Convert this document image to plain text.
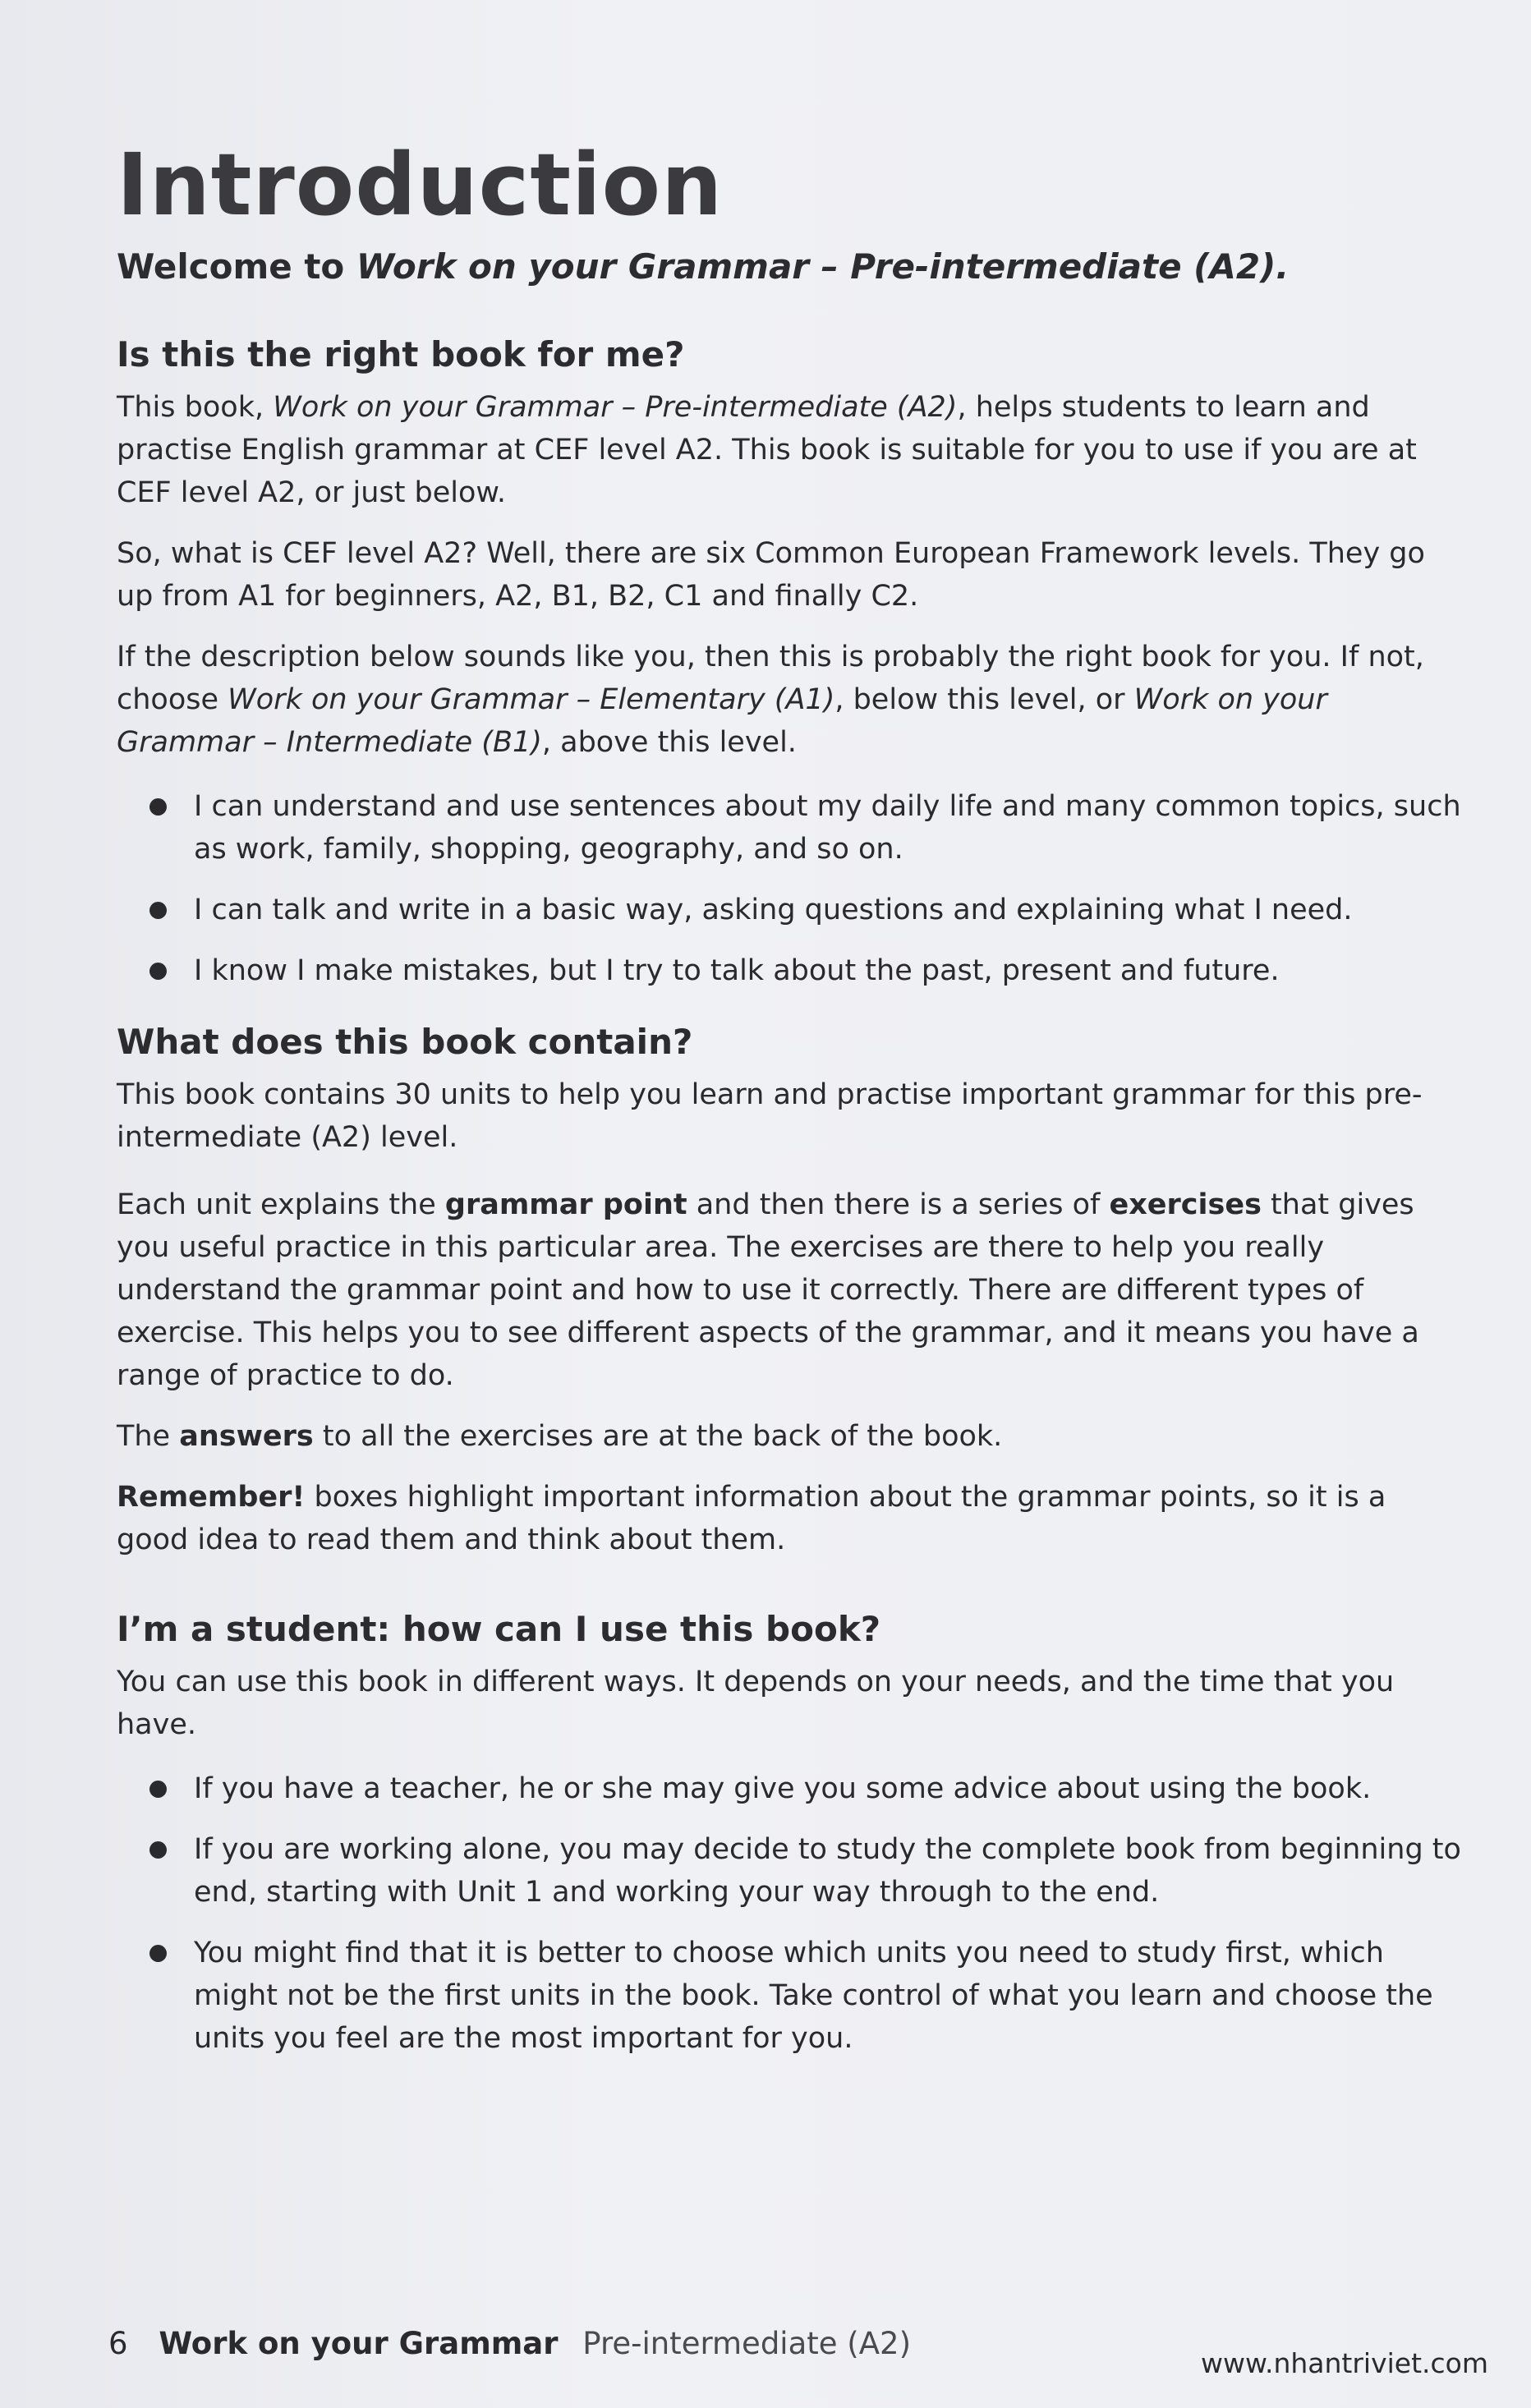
Introduction
Welcome to Work on your Grammar – Pre-intermediate (A2).
Is this the right book for me?

This book, Work on your Grammar – Pre-intermediate (A2), helps students to learn and practise English grammar at CEF level A2. This book is suitable for you to use if you are at CEF level A2, or just below.

So, what is CEF level A2? Well, there are six Common European Framework levels. They go up from A1 for beginners, A2, B1, B2, C1 and finally C2.

If the description below sounds like you, then this is probably the right book for you. If not, choose Work on your Grammar – Elementary (A1), below this level, or Work on your Grammar – Intermediate (B1), above this level.

I can understand and use sentences about my daily life and many common topics, such as work, family, shopping, geography, and so on.
I can talk and write in a basic way, asking questions and explaining what I need.
I know I make mistakes, but I try to talk about the past, present and future.
What does this book contain?

This book contains 30 units to help you learn and practise important grammar for this pre-intermediate (A2) level.

Each unit explains the grammar point and then there is a series of exercises that gives you useful practice in this particular area. The exercises are there to help you really understand the grammar point and how to use it correctly. There are different types of exercise. This helps you to see different aspects of the grammar, and it means you have a range of practice to do.

The answers to all the exercises are at the back of the book.

Remember! boxes highlight important information about the grammar points, so it is a good idea to read them and think about them.

I’m a student: how can I use this book?

You can use this book in different ways. It depends on your needs, and the time that you have.

If you have a teacher, he or she may give you some advice about using the book.
If you are working alone, you may decide to study the complete book from beginning to end, starting with Unit 1 and working your way through to the end.
You might find that it is better to choose which units you need to study first, which might not be the first units in the book. Take control of what you learn and choose the units you feel are the most important for you.
6 Work on your Grammar Pre-intermediate (A2)
www.nhantriviet.com
